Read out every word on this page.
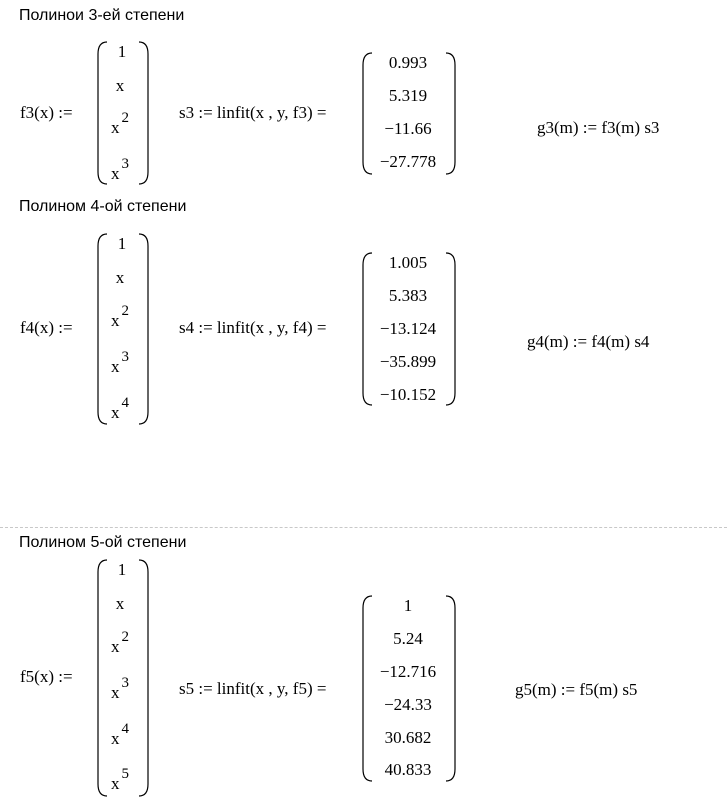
Полинои 3-ей степени
f3(x) :=
1
x
x $^2$
x $^3$
s3 := linfit(x , y, f3) =
0.993
5.319
−11.66
−27.778
g3(m) := f3(m) s3
Полином 4-ой степени
f4(x) :=
1
x
x $^2$
x $^3$
x $^4$
s4 := linfit(x , y, f4) =
1.005
5.383
−13.124
−35.899
−10.152
g4(m) := f4(m) s4
Полином 5-ой степени
f5(x) :=
1
x
x $^2$
x $^3$
x $^4$
x $^5$
s5 := linfit(x , y, f5) =
1
5.24
−12.716
−24.33
30.682
40.833
g5(m) := f5(m) s5
